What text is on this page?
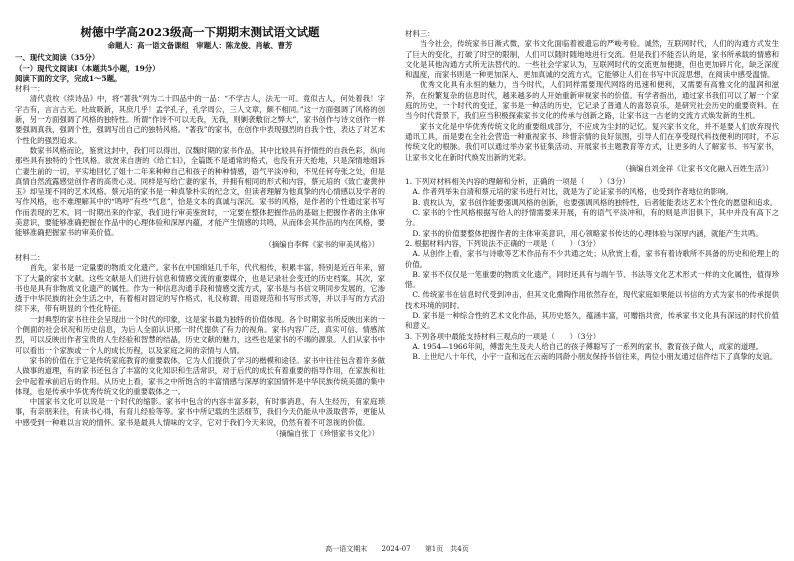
树德中学高2023级高一下期期末测试语文试题
命题人：高一语文备课组　审题人：陈龙俊、肖敏、曹芳
一、现代文阅读（35分）
（一）现代文阅读Ⅰ（本题共5小题，19分）
阅读下面的文字，完成1～5题。
材料一：

清代袁枚《续诗品》中，将“著我”列为二十四品中的一品：“不学古人，法无一可。竟似古人，何处着我！字字古有，言言古无。吐故吸新，其庶几乎！孟学孔子，孔学周公，三人文章，颇不相同。”这一方面强调了风格的创新，另一方面强调了风格的独特性。所谓“作诗不可以无我，无我，则剿袭敷衍之弊大”，家书创作与诗文创作一样要强调真我，强调个性，强调写出自己的独特风格。“著我”的家书，在创作中表现强烈的自我个性，表达了对艺术个性化的强烈追求。

数家书风格而论，鉴赏这封中，我们可以得出，汉魏时期的家书作品，其中比较具有抒情性的自我色彩，纵向那些具有独特的个性风格。欲赏来自唐的《给亡妇》，全篇既不是通常的格式，也没有开天抢地，只是深情地细诉亡妻生前的一切，平实地回忆了姐十二年来种种自己和孩子的种种情感，语气平淡冲和，不见任何夸张之处，但是真情自然流露感觉创作者的高贵心灵。同样是写给亡妻的家书，并拥有相同的形式和内容，蔡元培的《致亡妻黄仲玉》却呈现不同的艺术风格。蔡元培的家书是一种真挚朴实的纪念文，但读者理解为他真挚的内心情感以及学者的写作风格，也不难理解其中的“鸣呼”有些“气息”，恰是文本的真诚与深沉。家书的风格，是作者的个性通过家书写作而表现的艺术。同一时期出来的作家，我们进行审美鉴赏时，一定要在整体把握作品的基础上把握作者的主体审美意识，要能够准确把握在作品中的心理体验和深厚内蕴，才能产生情感的共鸣，从而体会其作品的内在风格，要能够准确把握家书的审美价值。

（摘编自李辉《家书的审美风格》）
材料二：

首先，家书是一定量要的物质文化遗产。家书在中国绵延几千年，代代相传，积累丰富，特别是近百年来，留下了大量的家书文献。这些文献是人们进行信息和情感交流的重要媒介，也是记录社会变迁的历史档案。其次，家书也是具有非物质文化遗产的属性。作为一种信息沟通手段和情感交流方式，家书是与书信文明同步发展的，它渗透于中华民族的社会生活之中，有着相对固定的写作格式、礼仪称谓、用语规范和书写形式等，并以手写的方式沿续下来，带有明显的个性化特征。

一封典型的家书往往会呈现出一个时代的印象，这是家书最为独特的价值体现。各个时期家书所反映出来的一个侧面的社会状况和历史信息，为后人全面认识那一时代提供了有力的视角。家书内容广泛，真实可信、情感浓烈，可以反映出作者宝贵的人生经验和智慧的结晶，历史文献的魅力，这些也是家书的不竭的源泉。人们从家书中可以看出一个家族或一个人的成长历程，以及家庭之间的亲情与人情。

家书的价值在于它是传统家庭教育的重要载体，它为人们提供了学习的楷模和途径。家书中往往包含着许多做人做事的道理，有的家书还包含了丰富的文化知识和生活常识，对于后代的成长有着重要的指导作用，在家族和社会中起着承前启后的作用。从历史上看，家书之中所饱含的丰富情感与深厚的家国情怀是中华民族传统美德的集中体现，也是传承中华优秀传统文化的重要载体之一。

中国家书文化可以说是一个时代的缩影。家书中包含的内容丰富多彩，有时事消息，有人生经历，有家庭琐事，有亲朋来往，有读书心得，有育儿经验等等。家书中所记载的生活细节，我们今天仍能从中汲取营养，更能从中感受到一种难以言说的情怀。家书是最具人情味的文字，它对于我们今天来说，仍然有着不可忽视的价值。

（摘编自张丁《珍惜家书文化》）
材料三：

当今社会，传统家书日渐式微，家书文化面临着被遗忘的严峻考验。诚然，互联网时代，人们的沟通方式发生了巨大的变化，打破了时空的限制，人们可以随时随地地进行交流。但是我们不能否认的是，家书所承载的情感和文化是其他沟通方式所无法替代的。一些社会学家认为，互联网时代的交流更加便捷，但也更加碎片化，缺乏深度和温度，而家书则是一种更加深入、更加真诚的交流方式，它能够让人们在书写中沉淀思想，在阅读中感受温情。

优秀文化具有永恒的魅力，当今时代，人们同样需要现代网络的迅速和便利，又需要有高雅文化的温润和滋养，在纷繁复杂的信息时代，越来越多的人开始重新审视家书的价值。有学者指出，通过家书我们可以了解一个家庭的历史，一个时代的变迁，家书是一种活的历史，它记录了普通人的喜怒哀乐，是研究社会历史的重要资料。在当今时代背景下，我们应当积极探索家书文化的传承与创新之路，让家书这一古老的交流方式焕发新的生机。

家书文化是中华优秀传统文化的重要组成部分，不应成为尘封的记忆。复兴家书文化，并不是要人们放弃现代通讯工具，而是要在全社会营造一种重视家书、珍惜亲情的良好氛围，引导人们在享受现代科技便利的同时，不忘传统文化的根脉。我们可以通过举办家书征集活动、开展家书主题教育等方式，让更多的人了解家书、书写家书，让家书文化在新时代焕发出新的光彩。

（摘编自刘金祥《让家书文化融入百姓生活》）

1. 下列对材料相关内容的理解和分析，正确的一项是（　　）（3分）

A. 作者列举朱自清和蔡元培的家书进行对比，就是为了论证家书的风格，也受到作者地位的影响。

B. 袁枚认为，家书创作能要强调风格的创新，也要强调风格的独特性，后者能能表达艺术个性化的愿望和追求。

C. 家书的个性风格根据写给人的抒情需要来开展，有的语气平淡冲和，有的则是声泪俱下，其中并没有高下之分。

D. 家书的价值要整体把握作者的主体审美意识，用心领略家书传达的心理体验与深厚内涵，就能产生共鸣。

2. 根据材料内容，下列说法不正确的一项是（　　）（3分）

A. 从创作上看，家书与诗歌等艺术作品有不少共通之处；从欣赏上看，家书有着诗歌所不具备的历史和伦理上的价值。

B. 家书不仅仅是一笔重要的物质文化遗产，同时还具有与端午节、书法等文化艺术形式一样的文化属性，值得珍惜。

C. 传统家书在信息时代受到冲击，但其文化熏陶作用依然存在，现代家庭如果能以书信的方式为家书的传承提供技术环境的同时。

D. 家书是一种综合性的艺术文化作品，其历史悠久，蕴涵丰富，可赠指共赏，传承家书文化具有深远的时代价值和意义。

3. 下列各项中最能支持材料三观点的一项是（　　）（3分）

A. 1954—1966年间，傅雷先生及夫人给自己的孩子傅聪写了一系列的家书，教育孩子做人，成家的道理。

B. 上世纪八十年代，小宇一直和远在云南的同龄小朋友保持书信往来，两位小朋友通过信件结下了真挚的友谊。

高一语文期末 2024-07 第1页　共4页
